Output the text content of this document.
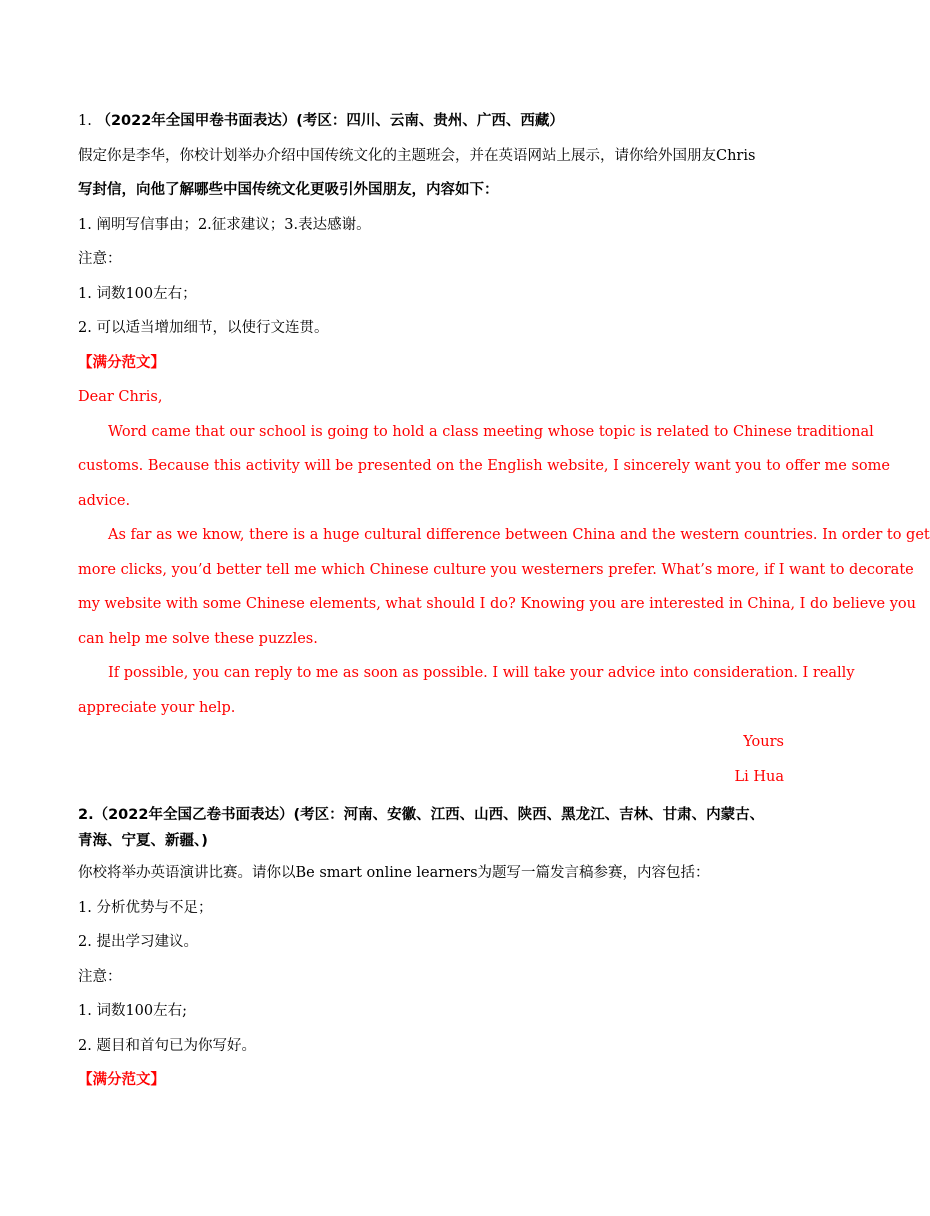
1. （2022年全国甲卷书面表达）(考区：四川、云南、贵州、广西、西藏）
假定你是李华，你校计划举办介绍中国传统文化的主题班会，并在英语网站上展示，请你给外国朋友Chris
写封信，向他了解哪些中国传统文化更吸引外国朋友，内容如下：
1. 阐明写信事由；2.征求建议；3.表达感谢。
注意：
1. 词数100左右；
2. 可以适当增加细节，以使行文连贯。
【满分范文】
Dear Chris,
Word came that our school is going to hold a class meeting whose topic is related to Chinese traditional
customs. Because this activity will be presented on the English website, I sincerely want you to offer me some
advice.
As far as we know, there is a huge cultural difference between China and the western countries. In order to get
more clicks, you’d better tell me which Chinese culture you westerners prefer. What’s more, if I want to decorate
my website with some Chinese elements, what should I do? Knowing you are interested in China, I do believe you
can help me solve these puzzles.
If possible, you can reply to me as soon as possible. I will take your advice into consideration. I really
appreciate your help.
Yours
Li Hua
2.（2022年全国乙卷书面表达）(考区：河南、安徽、江西、山西、陕西、黑龙江、吉林、甘肃、内蒙古、
青海、宁夏、新疆、)
你校将举办英语演讲比赛。请你以Be smart online learners为题写一篇发言稿参赛，内容包括：
1. 分析优势与不足；
2. 提出学习建议。
注意：
1. 词数100左右;
2. 题目和首句已为你写好。
【满分范文】
